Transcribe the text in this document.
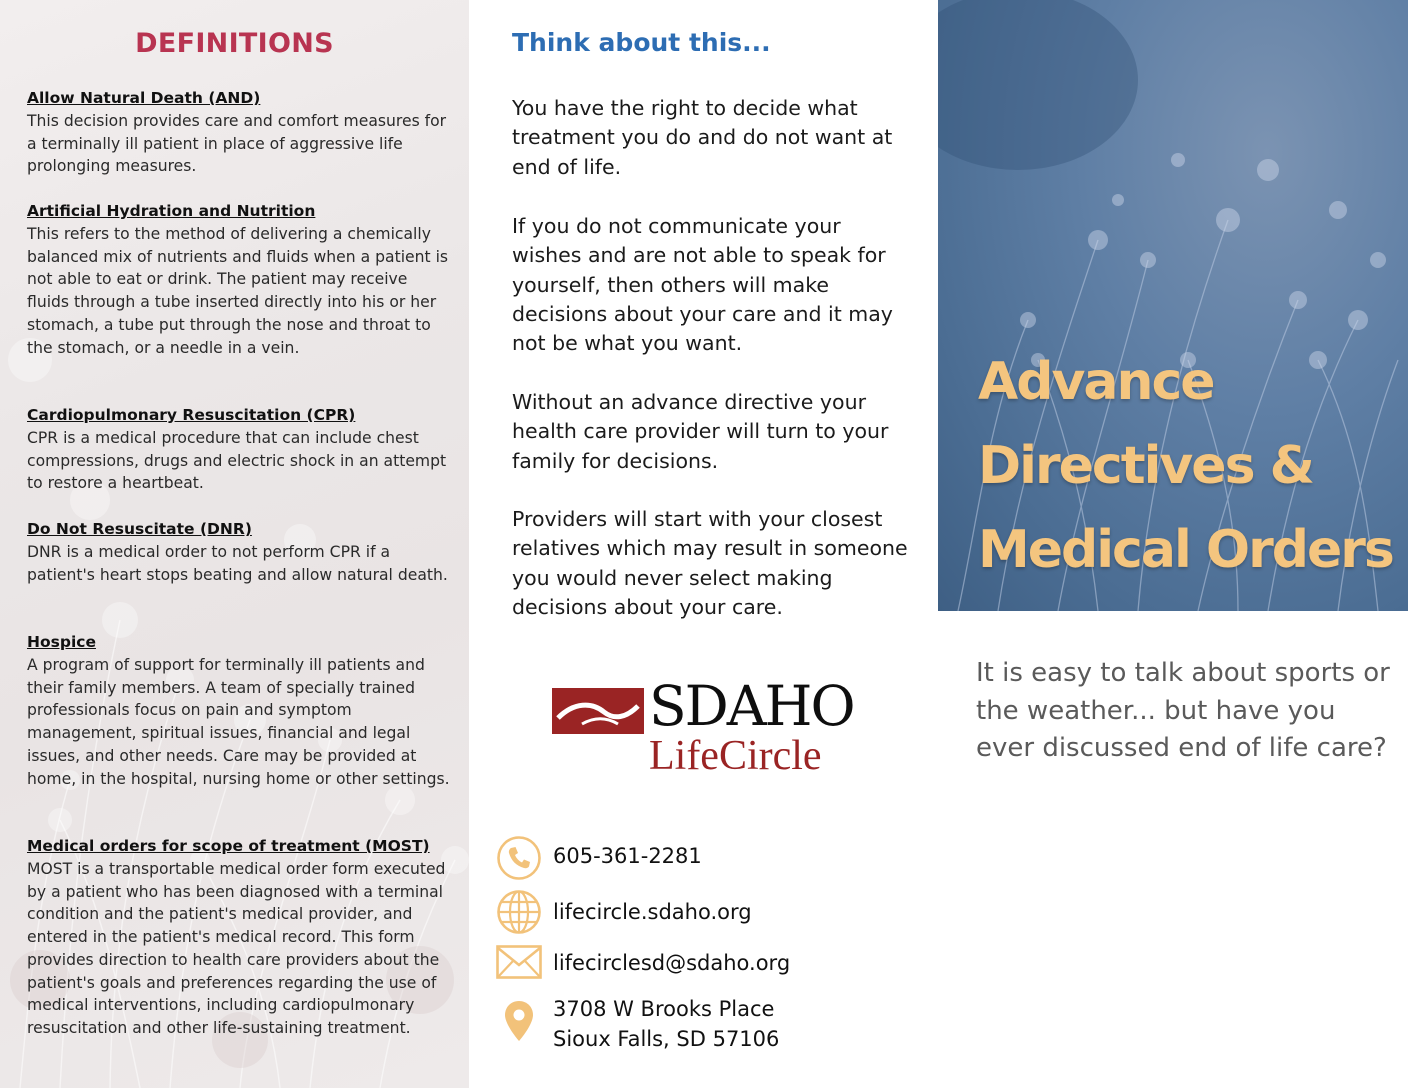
DEFINITIONS
Allow Natural Death (AND)

This decision provides care and comfort measures for a terminally ill patient in place of aggressive life prolonging measures.

Artificial Hydration and Nutrition

This refers to the method of delivering a chemically balanced mix of nutrients and fluids when a patient is not able to eat or drink. The patient may receive fluids through a tube inserted directly into his or her stomach, a tube put through the nose and throat to the stomach, or a needle in a vein.

Cardiopulmonary Resuscitation (CPR)

CPR is a medical procedure that can include chest compressions, drugs and electric shock in an attempt to restore a heartbeat.

Do Not Resuscitate (DNR)

DNR is a medical order to not perform CPR if a patient's heart stops beating and allow natural death.

Hospice

A program of support for terminally ill patients and their family members. A team of specially trained professionals focus on pain and symptom management, spiritual issues, financial and legal issues, and other needs. Care may be provided at home, in the hospital, nursing home or other settings.

Medical orders for scope of treatment (MOST)

MOST is a transportable medical order form executed by a patient who has been diagnosed with a terminal condition and the patient's medical provider, and entered in the patient's medical record. This form provides direction to health care providers about the patient's goals and preferences regarding the use of medical interventions, including cardiopulmonary resuscitation and other life-sustaining treatment.

Think about this...
You have the right to decide what treatment you do and do not want at end of life.
If you do not communicate your wishes and are not able to speak for yourself, then others will make decisions about your care and it may not be what you want.
Without an advance directive your health care provider will turn to your family for decisions.
Providers will start with your closest relatives which may result in someone you would never select making decisions about your care.
SDAHO
LifeCircle
605-361-2281
lifecircle.sdaho.org
lifecirclesd@sdaho.org
3708 W Brooks Place
Sioux Falls, SD 57106
Advance
Directives &
Medical Orders
It is easy to talk about sports or the weather... but have you ever discussed end of life care?
